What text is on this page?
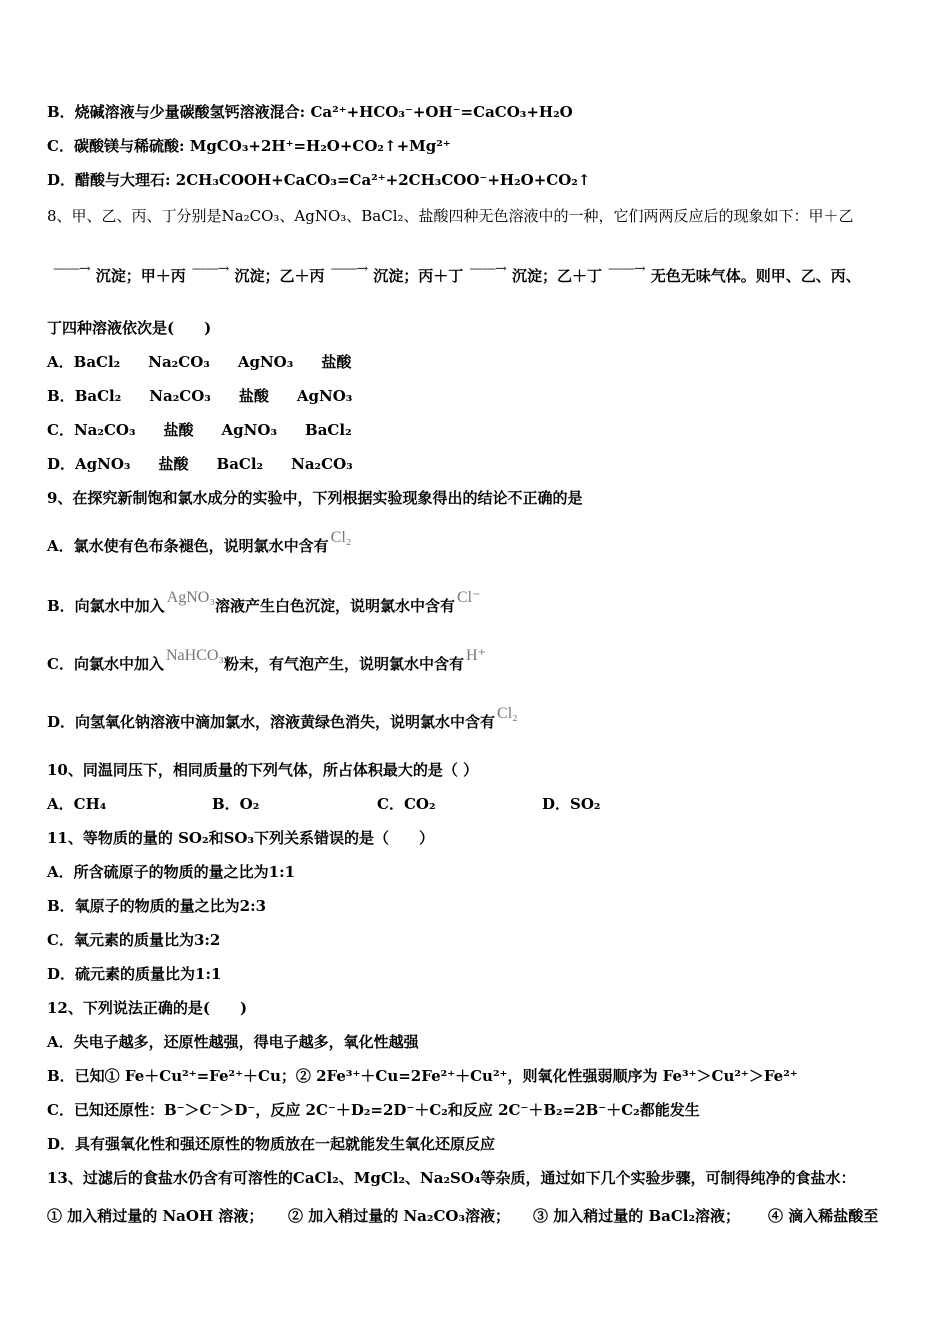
B．烧碱溶液与少量碳酸氢钙溶液混合: Ca²⁺+HCO₃⁻+OH⁻=CaCO₃+H₂O
C．碳酸镁与稀硫酸: MgCO₃+2H⁺=H₂O+CO₂↑+Mg²⁺
D．醋酸与大理石: 2CH₃COOH+CaCO₃=Ca²⁺+2CH₃COO⁻+H₂O+CO₂↑
8、甲、乙、丙、丁分别是Na₂CO₃、AgNO₃、BaCl₂、盐酸四种无色溶液中的一种，它们两两反应后的现象如下：甲＋乙
——→ 沉淀；甲＋丙 ——→ 沉淀；乙＋丙 ——→ 沉淀；丙＋丁 ——→ 沉淀；乙＋丁 ——→ 无色无味气体。则甲、乙、丙、
丁四种溶液依次是(　　)
A．BaCl₂ Na₂CO₃ AgNO₃ 盐酸
B．BaCl₂ Na₂CO₃ 盐酸 AgNO₃
C．Na₂CO₃ 盐酸 AgNO₃ BaCl₂
D．AgNO₃ 盐酸 BaCl₂ Na₂CO₃
9、在探究新制饱和氯水成分的实验中，下列根据实验现象得出的结论不正确的是
A．氯水使有色布条褪色，说明氯水中含有 Cl₂
B．向氯水中加入 AgNO₃溶液产生白色沉淀，说明氯水中含有 Cl⁻
C．向氯水中加入 NaHCO₃粉末，有气泡产生，说明氯水中含有 H⁺
D．向氢氧化钠溶液中滴加氯水，溶液黄绿色消失，说明氯水中含有 Cl₂
10、同温同压下，相同质量的下列气体，所占体积最大的是（ ）
A．CH₄	B．O₂	C．CO₂	D．SO₂
11、等物质的量的 SO₂和SO₃下列关系错误的是（　　）
A．所含硫原子的物质的量之比为1:1
B．氧原子的物质的量之比为2:3
C．氧元素的质量比为3:2
D．硫元素的质量比为1:1
12、下列说法正确的是(　　)
A．失电子越多，还原性越强，得电子越多，氧化性越强
B．已知① Fe＋Cu²⁺=Fe²⁺＋Cu；② 2Fe³⁺＋Cu=2Fe²⁺＋Cu²⁺，则氧化性强弱顺序为 Fe³⁺＞Cu²⁺＞Fe²⁺
C．已知还原性：B⁻＞C⁻＞D⁻，反应 2C⁻＋D₂=2D⁻＋C₂和反应 2C⁻＋B₂=2B⁻＋C₂都能发生
D．具有强氧化性和强还原性的物质放在一起就能发生氧化还原反应
13、过滤后的食盐水仍含有可溶性的CaCl₂、MgCl₂、Na₂SO₄等杂质，通过如下几个实验步骤，可制得纯净的食盐水：
① 加入稍过量的 NaOH 溶液； ② 加入稍过量的 Na₂CO₃溶液； ③ 加入稍过量的 BaCl₂溶液； ④ 滴入稀盐酸至
